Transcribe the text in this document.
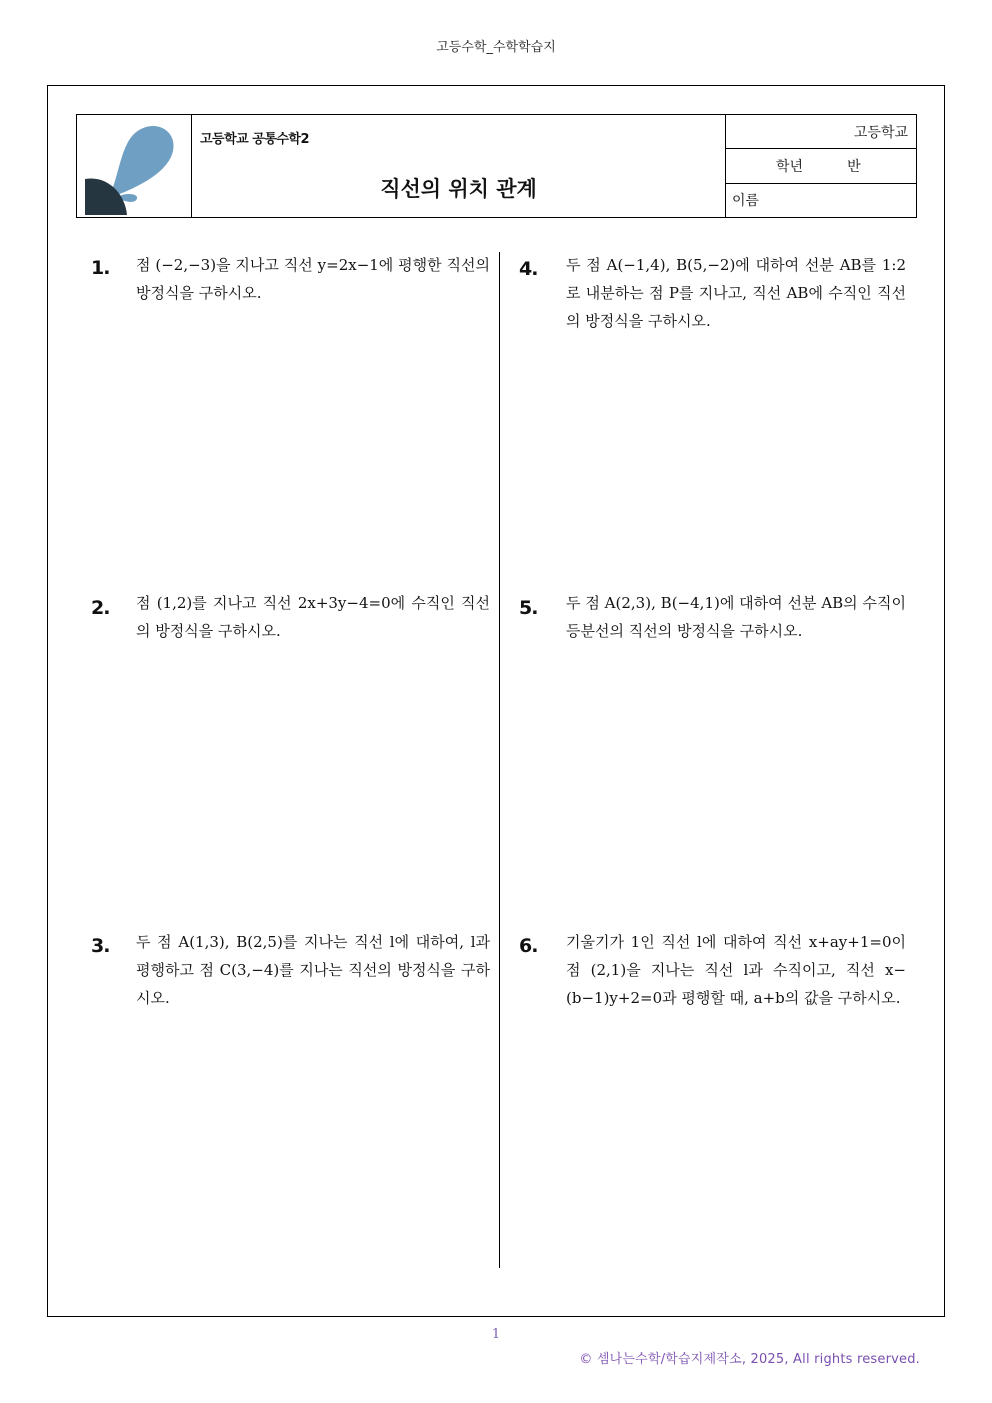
고등수학_수학학습지
고등학교 공통수학2
직선의 위치 관계
고등학교
학년	반
이름
1. 점 (−2,−3)을 지나고 직선 y=2x−1에 평행한 직선의 방정식을 구하시오.
2. 점 (1,2)를 지나고 직선 2x+3y−4=0에 수직인 직선의 방정식을 구하시오.
3. 두 점 A(1,3), B(2,5)를 지나는 직선 l에 대하여, l과 평행하고 점 C(3,−4)를 지나는 직선의 방정식을 구하시오.
4. 두 점 A(−1,4), B(5,−2)에 대하여 선분 AB를 1:2로 내분하는 점 P를 지나고, 직선 AB에 수직인 직선의 방정식을 구하시오.
5. 두 점 A(2,3), B(−4,1)에 대하여 선분 AB의 수직이등분선의 직선의 방정식을 구하시오.
6. 기울기가 1인 직선 l에 대하여 직선 x+ay+1=0이 점 (2,1)을 지나는 직선 l과 수직이고, 직선 x−(b−1)y+2=0과 평행할 때, a+b의 값을 구하시오.
1
© 셈나는수학/학습지제작소, 2025, All rights reserved.
